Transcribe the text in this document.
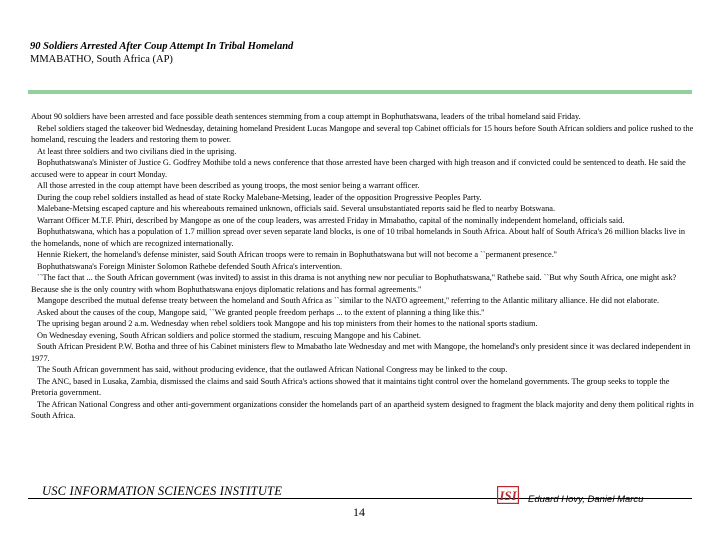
90 Soldiers Arrested After Coup Attempt In Tribal Homeland
MMABATHO, South Africa (AP)

About 90 soldiers have been arrested and face possible death sentences stemming from a coup attempt in Bophuthatswana, leaders of the tribal homeland said Friday.

Rebel soldiers staged the takeover bid Wednesday, detaining homeland President Lucas Mangope and several top Cabinet officials for 15 hours before South African soldiers and police rushed to the homeland, rescuing the leaders and restoring them to power.

At least three soldiers and two civilians died in the uprising.

Bophuthatswana's Minister of Justice G. Godfrey Mothibe told a news conference that those arrested have been charged with high treason and if convicted could be sentenced to death. He said the accused were to appear in court Monday.

All those arrested in the coup attempt have been described as young troops, the most senior being a warrant officer.

During the coup rebel soldiers installed as head of state Rocky Malebane-Metsing, leader of the opposition Progressive Peoples Party.

Malebane-Metsing escaped capture and his whereabouts remained unknown, officials said. Several unsubstantiated reports said he fled to nearby Botswana.

Warrant Officer M.T.F. Phiri, described by Mangope as one of the coup leaders, was arrested Friday in Mmabatho, capital of the nominally independent homeland, officials said.

Bophuthatswana, which has a population of 1.7 million spread over seven separate land blocks, is one of 10 tribal homelands in South Africa. About half of South Africa's 26 million blacks live in the homelands, none of which are recognized internationally.

Hennie Riekert, the homeland's defense minister, said South African troops were to remain in Bophuthatswana but will not become a ``permanent presence.''

Bophuthatswana's Foreign Minister Solomon Rathebe defended South Africa's intervention.

``The fact that ... the South African government (was invited) to assist in this drama is not anything new nor peculiar to Bophuthatswana,'' Rathebe said. ``But why South Africa, one might ask? Because she is the only country with whom Bophuthatswana enjoys diplomatic relations and has formal agreements.''

Mangope described the mutual defense treaty between the homeland and South Africa as ``similar to the NATO agreement,'' referring to the Atlantic military alliance. He did not elaborate.

Asked about the causes of the coup, Mangope said, ``We granted people freedom perhaps ... to the extent of planning a thing like this.''

The uprising began around 2 a.m. Wednesday when rebel soldiers took Mangope and his top ministers from their homes to the national sports stadium.

On Wednesday evening, South African soldiers and police stormed the stadium, rescuing Mangope and his Cabinet.

South African President P.W. Botha and three of his Cabinet ministers flew to Mmabatho late Wednesday and met with Mangope, the homeland's only president since it was declared independent in 1977.

The South African government has said, without producing evidence, that the outlawed African National Congress may be linked to the coup.

The ANC, based in Lusaka, Zambia, dismissed the claims and said South Africa's actions showed that it maintains tight control over the homeland governments. The group seeks to topple the Pretoria government.

The African National Congress and other anti-government organizations consider the homelands part of an apartheid system designed to fragment the black majority and deny them political rights in South Africa.

USC INFORMATION SCIENCES INSTITUTE
14
ISI Eduard Hovy, Daniel Marcu
